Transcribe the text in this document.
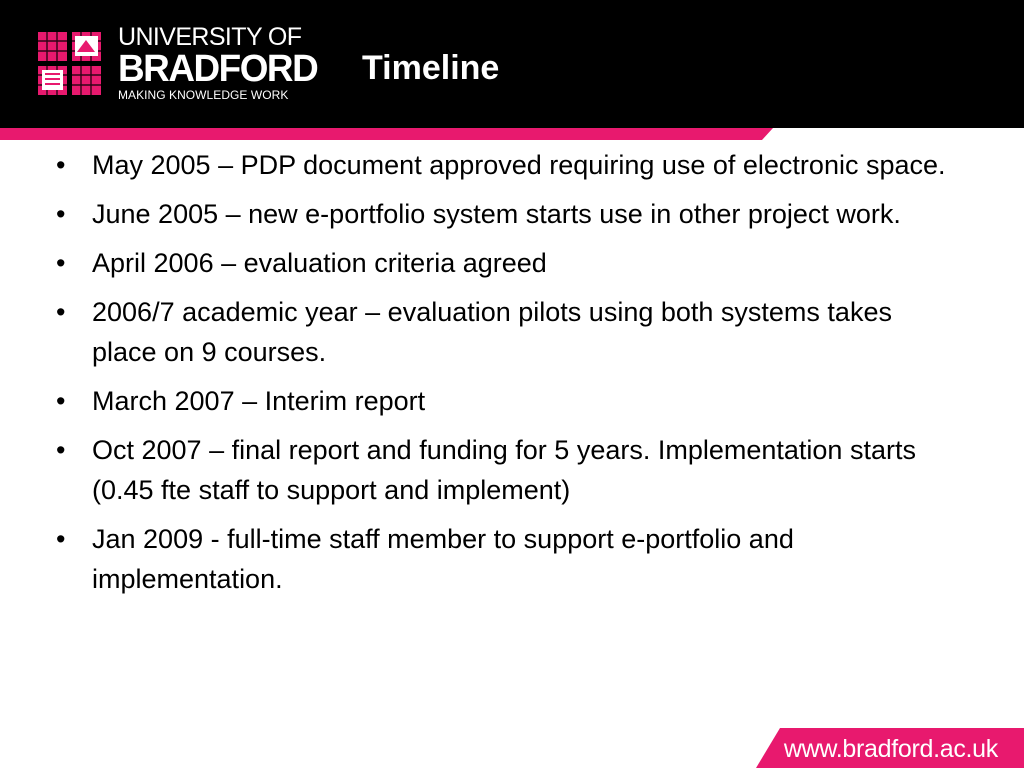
UNIVERSITY OF
BRADFORD
MAKING KNOWLEDGE WORK
Timeline
• May 2005 – PDP document approved requiring use of electronic space.
• June 2005 – new e-portfolio system starts use in other project work.
• April 2006 – evaluation criteria agreed
• 2006/7 academic year – evaluation pilots using both systems takes place on 9 courses.
• March 2007 – Interim report
• Oct 2007 – final report and funding for 5 years. Implementation starts (0.45 fte staff to support and implement)
• Jan 2009 - full-time staff member to support e-portfolio and implementation.
www.bradford.ac.uk
